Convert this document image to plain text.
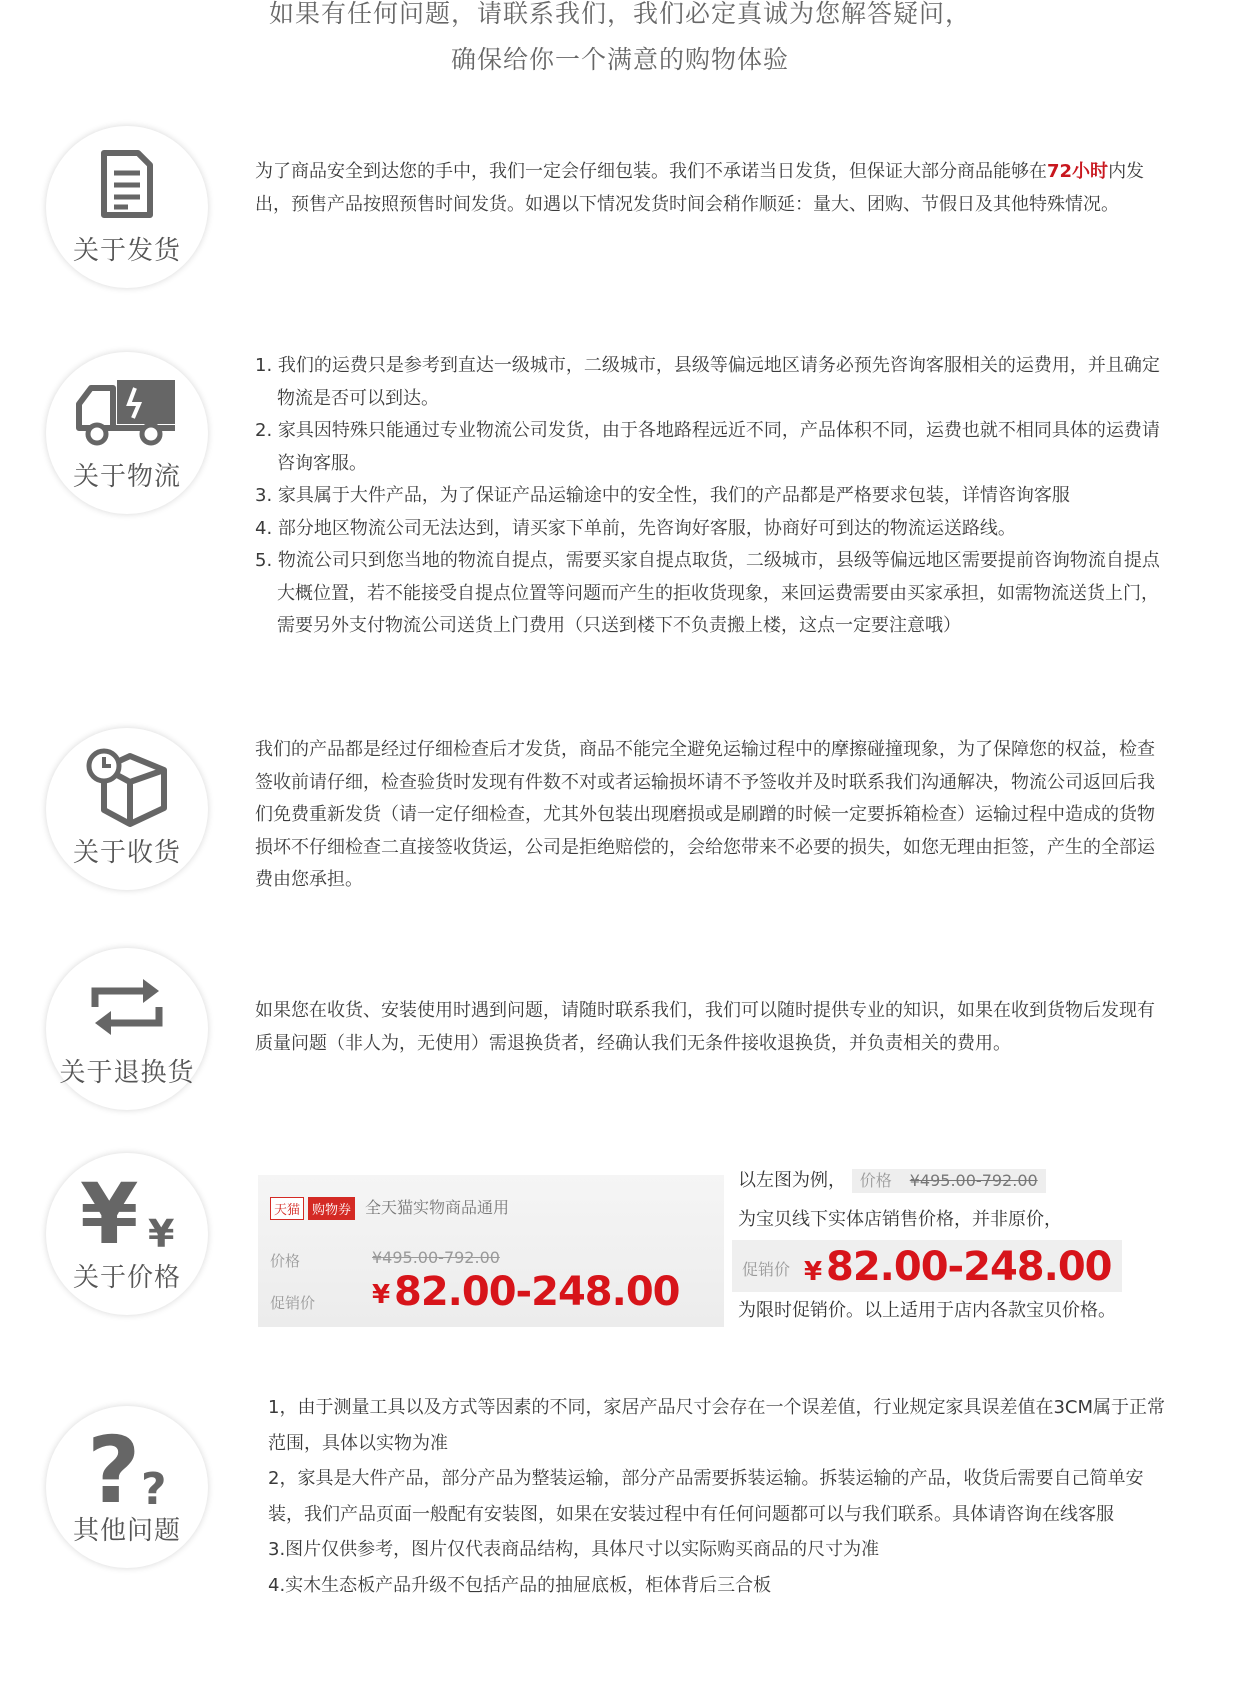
如果有任何问题，请联系我们，我们必定真诚为您解答疑问，
确保给你一个满意的购物体验
关于发货

为了商品安全到达您的手中，我们一定会仔细包装。我们不承诺当日发货，但保证大部分商品能够在72小时内发出，预售产品按照预售时间发货。如遇以下情况发货时间会稍作顺延：量大、团购、节假日及其他特殊情况。

关于物流
1. 我们的运费只是参考到直达一级城市，二级城市，县级等偏远地区请务必预先咨询客服相关的运费用，并且确定物流是否可以到达。
2. 家具因特殊只能通过专业物流公司发货，由于各地路程远近不同，产品体积不同，运费也就不相同具体的运费请咨询客服。
3. 家具属于大件产品，为了保证产品运输途中的安全性，我们的产品都是严格要求包装，详情咨询客服
4. 部分地区物流公司无法达到，请买家下单前，先咨询好客服，协商好可到达的物流运送路线。
5. 物流公司只到您当地的物流自提点，需要买家自提点取货，二级城市，县级等偏远地区需要提前咨询物流自提点大概位置，若不能接受自提点位置等问题而产生的拒收货现象，来回运费需要由买家承担，如需物流送货上门，需要另外支付物流公司送货上门费用（只送到楼下不负责搬上楼，这点一定要注意哦）
关于收货
我们的产品都是经过仔细检查后才发货，商品不能完全避免运输过程中的摩擦碰撞现象，为了保障您的权益，检查签收前请仔细，检查验货时发现有件数不对或者运输损坏请不予签收并及时联系我们沟通解决，物流公司返回后我们免费重新发货（请一定仔细检查，尤其外包装出现磨损或是刷蹭的时候一定要拆箱检查）运输过程中造成的货物损坏不仔细检查二直接签收货运，公司是拒绝赔偿的，会给您带来不必要的损失，如您无理由拒签，产生的全部运费由您承担。
关于退换货
如果您在收货、安装使用时遇到问题，请随时联系我们，我们可以随时提供专业的知识，如果在收到货物后发现有质量问题（非人为，无使用）需退换货者，经确认我们无条件接收退换货，并负责相关的费用。
¥ ¥
关于价格
天猫 购物券 全天猫实物商品通用
价格	¥495.00-792.00
促销价 ¥ 82.00-248.00
以左图为例， 价格 ¥495.00-792.00
为宝贝线下实体店销售价格，并非原价，
促销价 ¥ 82.00-248.00
为限时促销价。以上适用于店内各款宝贝价格。
? ?
其他问题

1，由于测量工具以及方式等因素的不同，家居产品尺寸会存在一个误差值，行业规定家具误差值在3CM属于正常范围，具体以实物为准

2，家具是大件产品，部分产品为整装运输，部分产品需要拆装运输。拆装运输的产品，收货后需要自己简单安装，我们产品页面一般配有安装图，如果在安装过程中有任何问题都可以与我们联系。具体请咨询在线客服

3.图片仅供参考，图片仅代表商品结构，具体尺寸以实际购买商品的尺寸为准

4.实木生态板产品升级不包括产品的抽屉底板，柜体背后三合板
